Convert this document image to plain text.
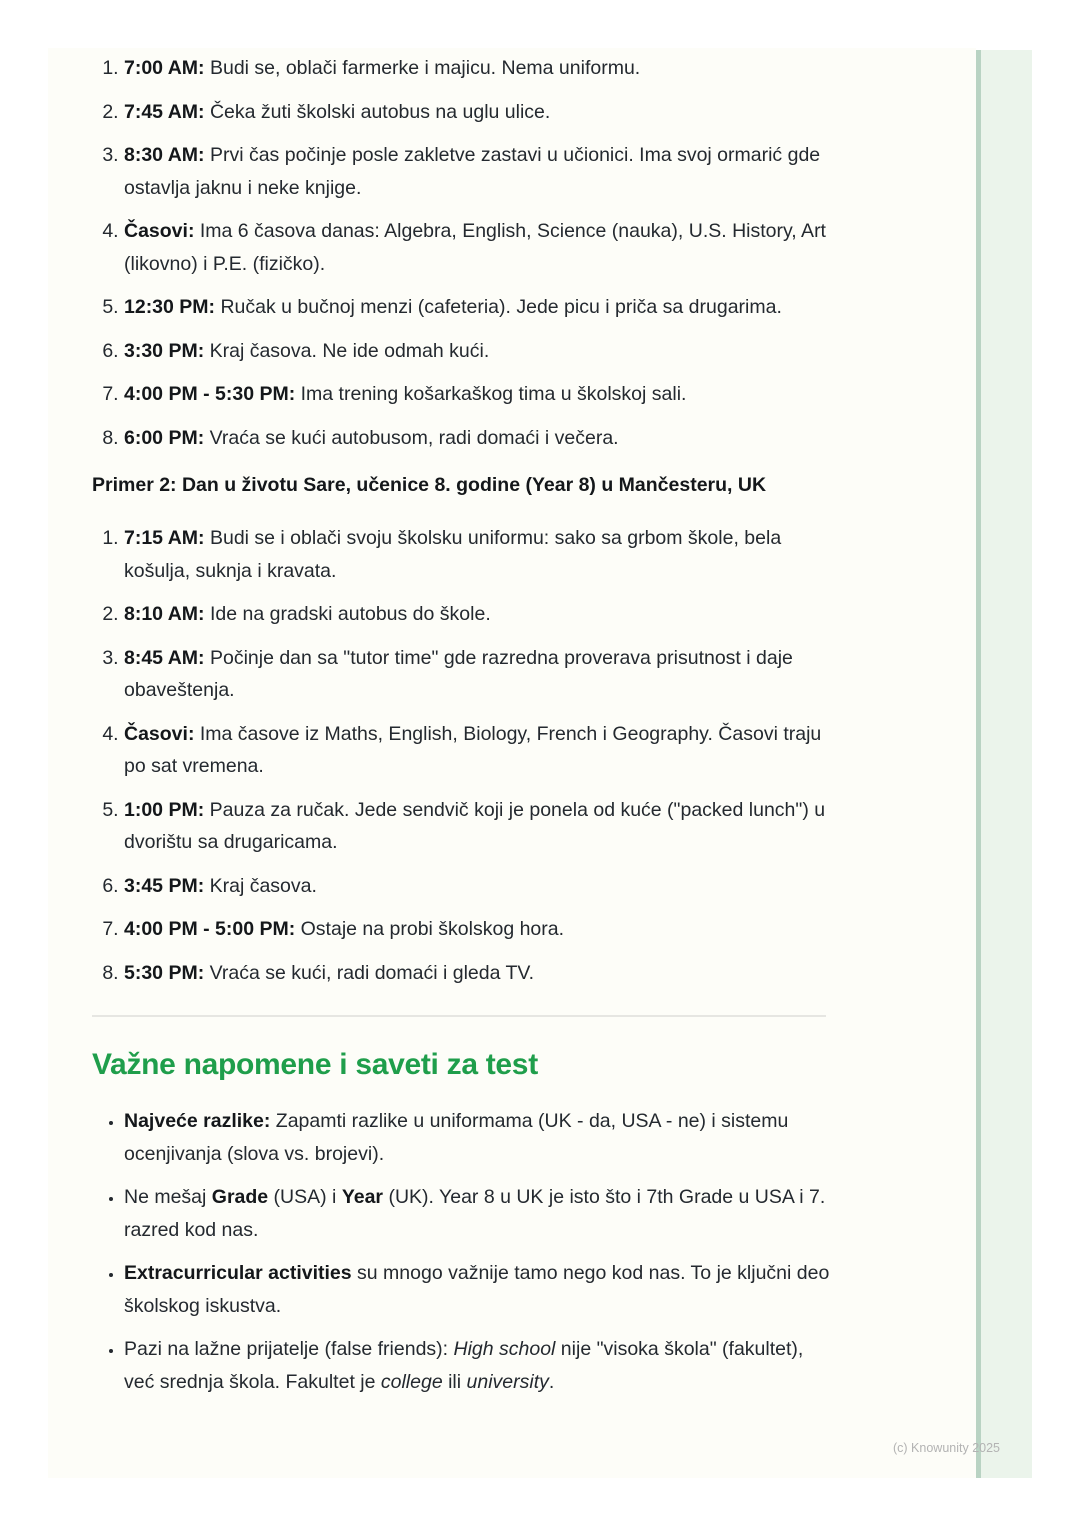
1. 7:00 AM: Budi se, oblači farmerke i majicu. Nema uniformu.
2. 7:45 AM: Čeka žuti školski autobus na uglu ulice.
3. 8:30 AM: Prvi čas počinje posle zakletve zastavi u učionici. Ima svoj ormarić gde ostavlja jaknu i neke knjige.
4. Časovi: Ima 6 časova danas: Algebra, English, Science (nauka), U.S. History, Art (likovno) i P.E. (fizičko).
5. 12:30 PM: Ručak u bučnoj menzi (cafeteria). Jede picu i priča sa drugarima.
6. 3:30 PM: Kraj časova. Ne ide odmah kući.
7. 4:00 PM - 5:30 PM: Ima trening košarkaškog tima u školskoj sali.
8. 6:00 PM: Vraća se kući autobusom, radi domaći i večera.
Primer 2: Dan u životu Sare, učenice 8. godine (Year 8) u Mančesteru, UK
1. 7:15 AM: Budi se i oblači svoju školsku uniformu: sako sa grbom škole, bela košulja, suknja i kravata.
2. 8:10 AM: Ide na gradski autobus do škole.
3. 8:45 AM: Počinje dan sa "tutor time" gde razredna proverava prisutnost i daje obaveštenja.
4. Časovi: Ima časove iz Maths, English, Biology, French i Geography. Časovi traju po sat vremena.
5. 1:00 PM: Pauza za ručak. Jede sendvič koji je ponela od kuće ("packed lunch") u dvorištu sa drugaricama.
6. 3:45 PM: Kraj časova.
7. 4:00 PM - 5:00 PM: Ostaje na probi školskog hora.
8. 5:30 PM: Vraća se kući, radi domaći i gleda TV.
Važne napomene i saveti za test
• Najveće razlike: Zapamti razlike u uniformama (UK - da, USA - ne) i sistemu ocenjivanja (slova vs. brojevi).
• Ne mešaj Grade (USA) i Year (UK). Year 8 u UK je isto što i 7th Grade u USA i 7. razred kod nas.
• Extracurricular activities su mnogo važnije tamo nego kod nas. To je ključni deo školskog iskustva.
• Pazi na lažne prijatelje (false friends): High school nije "visoka škola" (fakultet), već srednja škola. Fakultet je college ili university.
(c) Knowunity 2025
